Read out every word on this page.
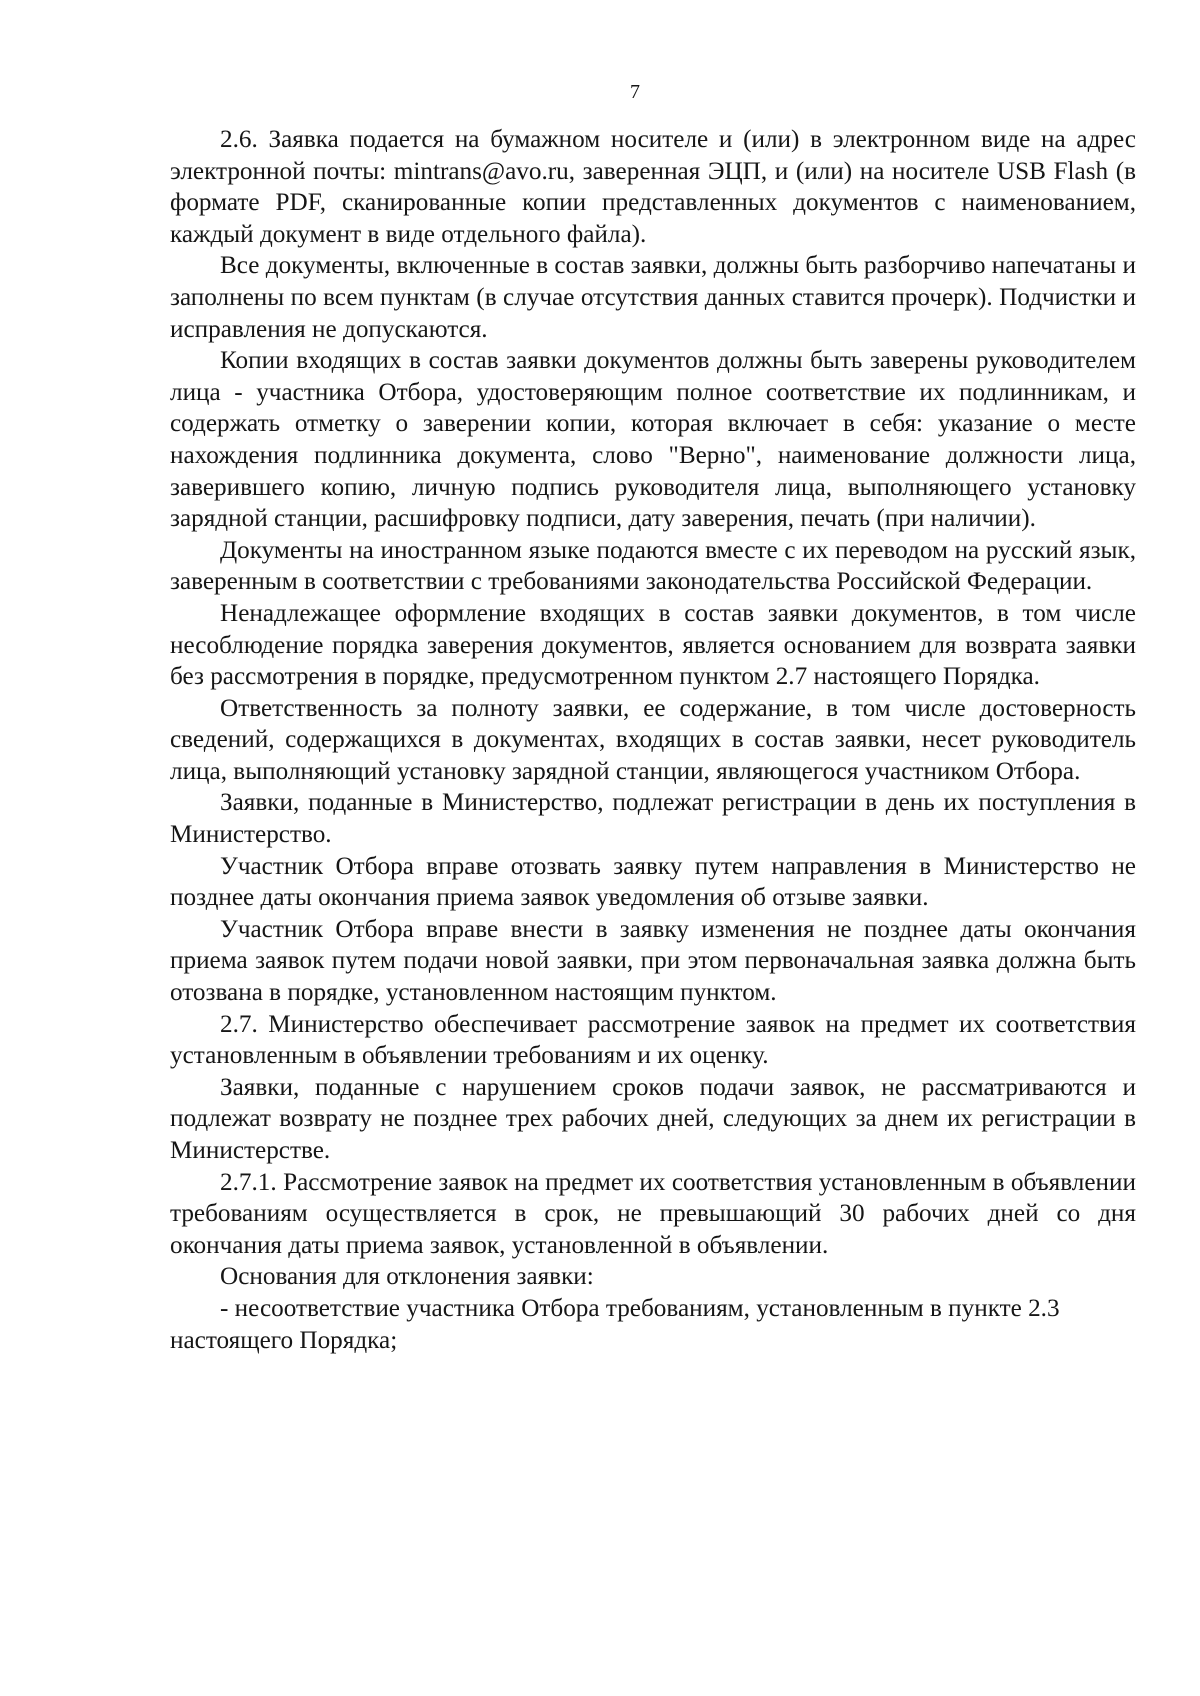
7

2.6. Заявка подается на бумажном носителе и (или) в электронном виде на адрес электронной почты: mintrans@avo.ru, заверенная ЭЦП, и (или) на носителе USB Flash (в формате PDF, сканированные копии представленных документов с наименованием, каждый документ в виде отдельного файла).

Все документы, включенные в состав заявки, должны быть разборчиво напечатаны и заполнены по всем пунктам (в случае отсутствия данных ставится прочерк). Подчистки и исправления не допускаются.

Копии входящих в состав заявки документов должны быть заверены руководителем лица - участника Отбора, удостоверяющим полное соответствие их подлинникам, и содержать отметку о заверении копии, которая включает в себя: указание о месте нахождения подлинника документа, слово "Верно", наименование должности лица, заверившего копию, личную подпись руководителя лица, выполняющего установку зарядной станции, расшифровку подписи, дату заверения, печать (при наличии).

Документы на иностранном языке подаются вместе с их переводом на русский язык, заверенным в соответствии с требованиями законодательства Российской Федерации.

Ненадлежащее оформление входящих в состав заявки документов, в том числе несоблюдение порядка заверения документов, является основанием для возврата заявки без рассмотрения в порядке, предусмотренном пунктом 2.7 настоящего Порядка.

Ответственность за полноту заявки, ее содержание, в том числе достоверность сведений, содержащихся в документах, входящих в состав заявки, несет руководитель лица, выполняющий установку зарядной станции, являющегося участником Отбора.

Заявки, поданные в Министерство, подлежат регистрации в день их поступления в Министерство.

Участник Отбора вправе отозвать заявку путем направления в Министерство не позднее даты окончания приема заявок уведомления об отзыве заявки.

Участник Отбора вправе внести в заявку изменения не позднее даты окончания приема заявок путем подачи новой заявки, при этом первоначальная заявка должна быть отозвана в порядке, установленном настоящим пунктом.

2.7. Министерство обеспечивает рассмотрение заявок на предмет их соответствия установленным в объявлении требованиям и их оценку.

Заявки, поданные с нарушением сроков подачи заявок, не рассматриваются и подлежат возврату не позднее трех рабочих дней, следующих за днем их регистрации в Министерстве.

2.7.1. Рассмотрение заявок на предмет их соответствия установленным в объявлении требованиям осуществляется в срок, не превышающий 30 рабочих дней со дня окончания даты приема заявок, установленной в объявлении.

Основания для отклонения заявки:

- несоответствие участника Отбора требованиям, установленным в пункте 2.3 настоящего Порядка;
